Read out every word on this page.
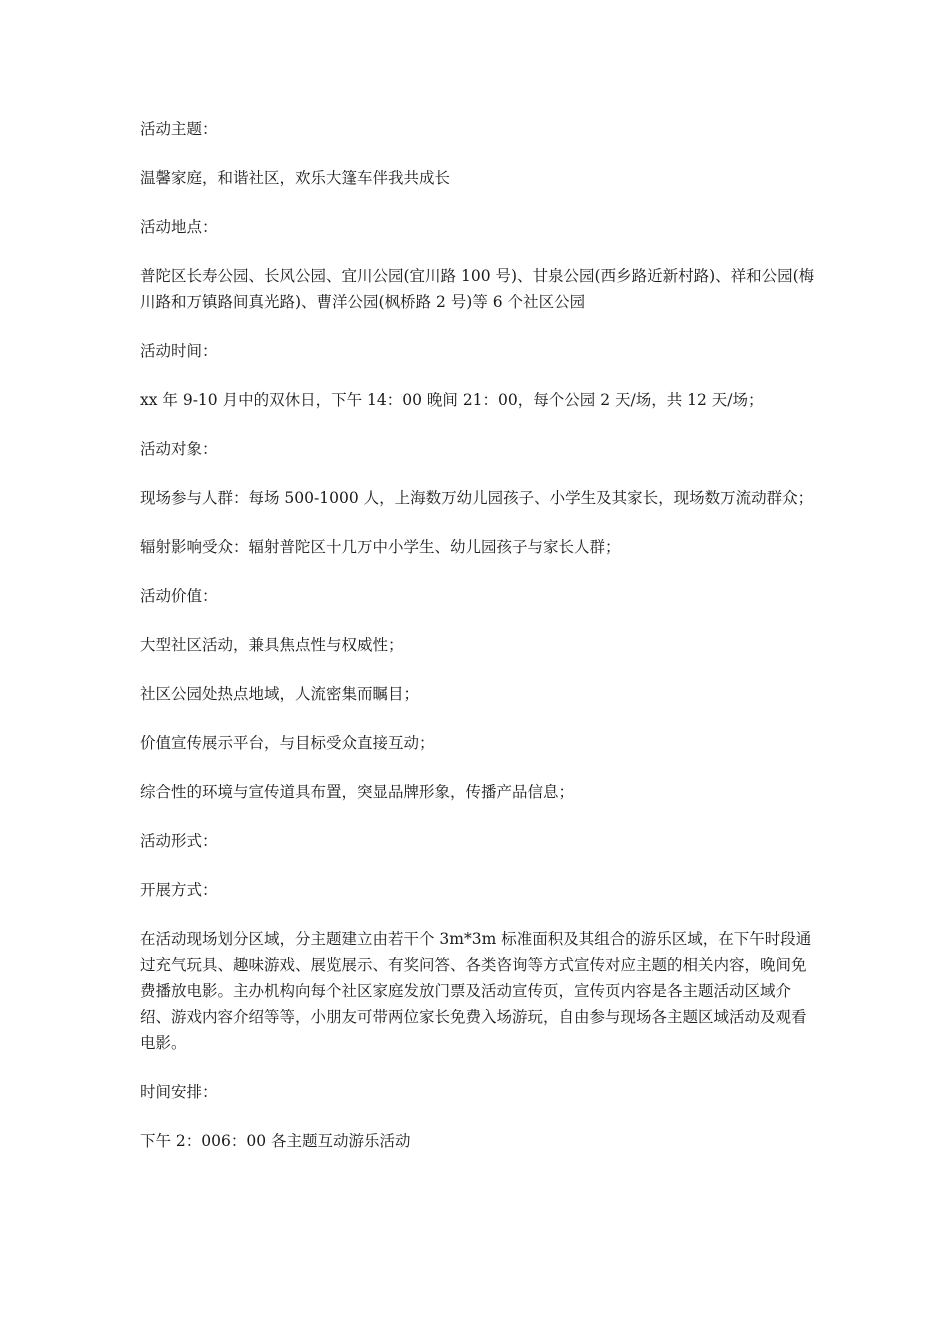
活动主题：

温馨家庭，和谐社区，欢乐大篷车伴我共成长

活动地点：

普陀区长寿公园、长风公园、宜川公园(宜川路 100 号)、甘泉公园(西乡路近新村路)、祥和公园(梅川路和万镇路间真光路)、曹洋公园(枫桥路 2 号)等 6 个社区公园

活动时间：

xx 年 9-10 月中的双休日，下午 14：00 晚间 21：00，每个公园 2 天/场，共 12 天/场；

活动对象：

现场参与人群：每场 500-1000 人，上海数万幼儿园孩子、小学生及其家长，现场数万流动群众；

辐射影响受众：辐射普陀区十几万中小学生、幼儿园孩子与家长人群；

活动价值：

大型社区活动，兼具焦点性与权威性；

社区公园处热点地域，人流密集而瞩目；

价值宣传展示平台，与目标受众直接互动；

综合性的环境与宣传道具布置，突显品牌形象，传播产品信息；

活动形式：

开展方式：

在活动现场划分区域，分主题建立由若干个 3m*3m 标准面积及其组合的游乐区域，在下午时段通过充气玩具、趣味游戏、展览展示、有奖问答、各类咨询等方式宣传对应主题的相关内容，晚间免费播放电影。主办机构向每个社区家庭发放门票及活动宣传页，宣传页内容是各主题活动区域介绍、游戏内容介绍等等，小朋友可带两位家长免费入场游玩，自由参与现场各主题区域活动及观看电影。

时间安排：

下午 2：006：00 各主题互动游乐活动
